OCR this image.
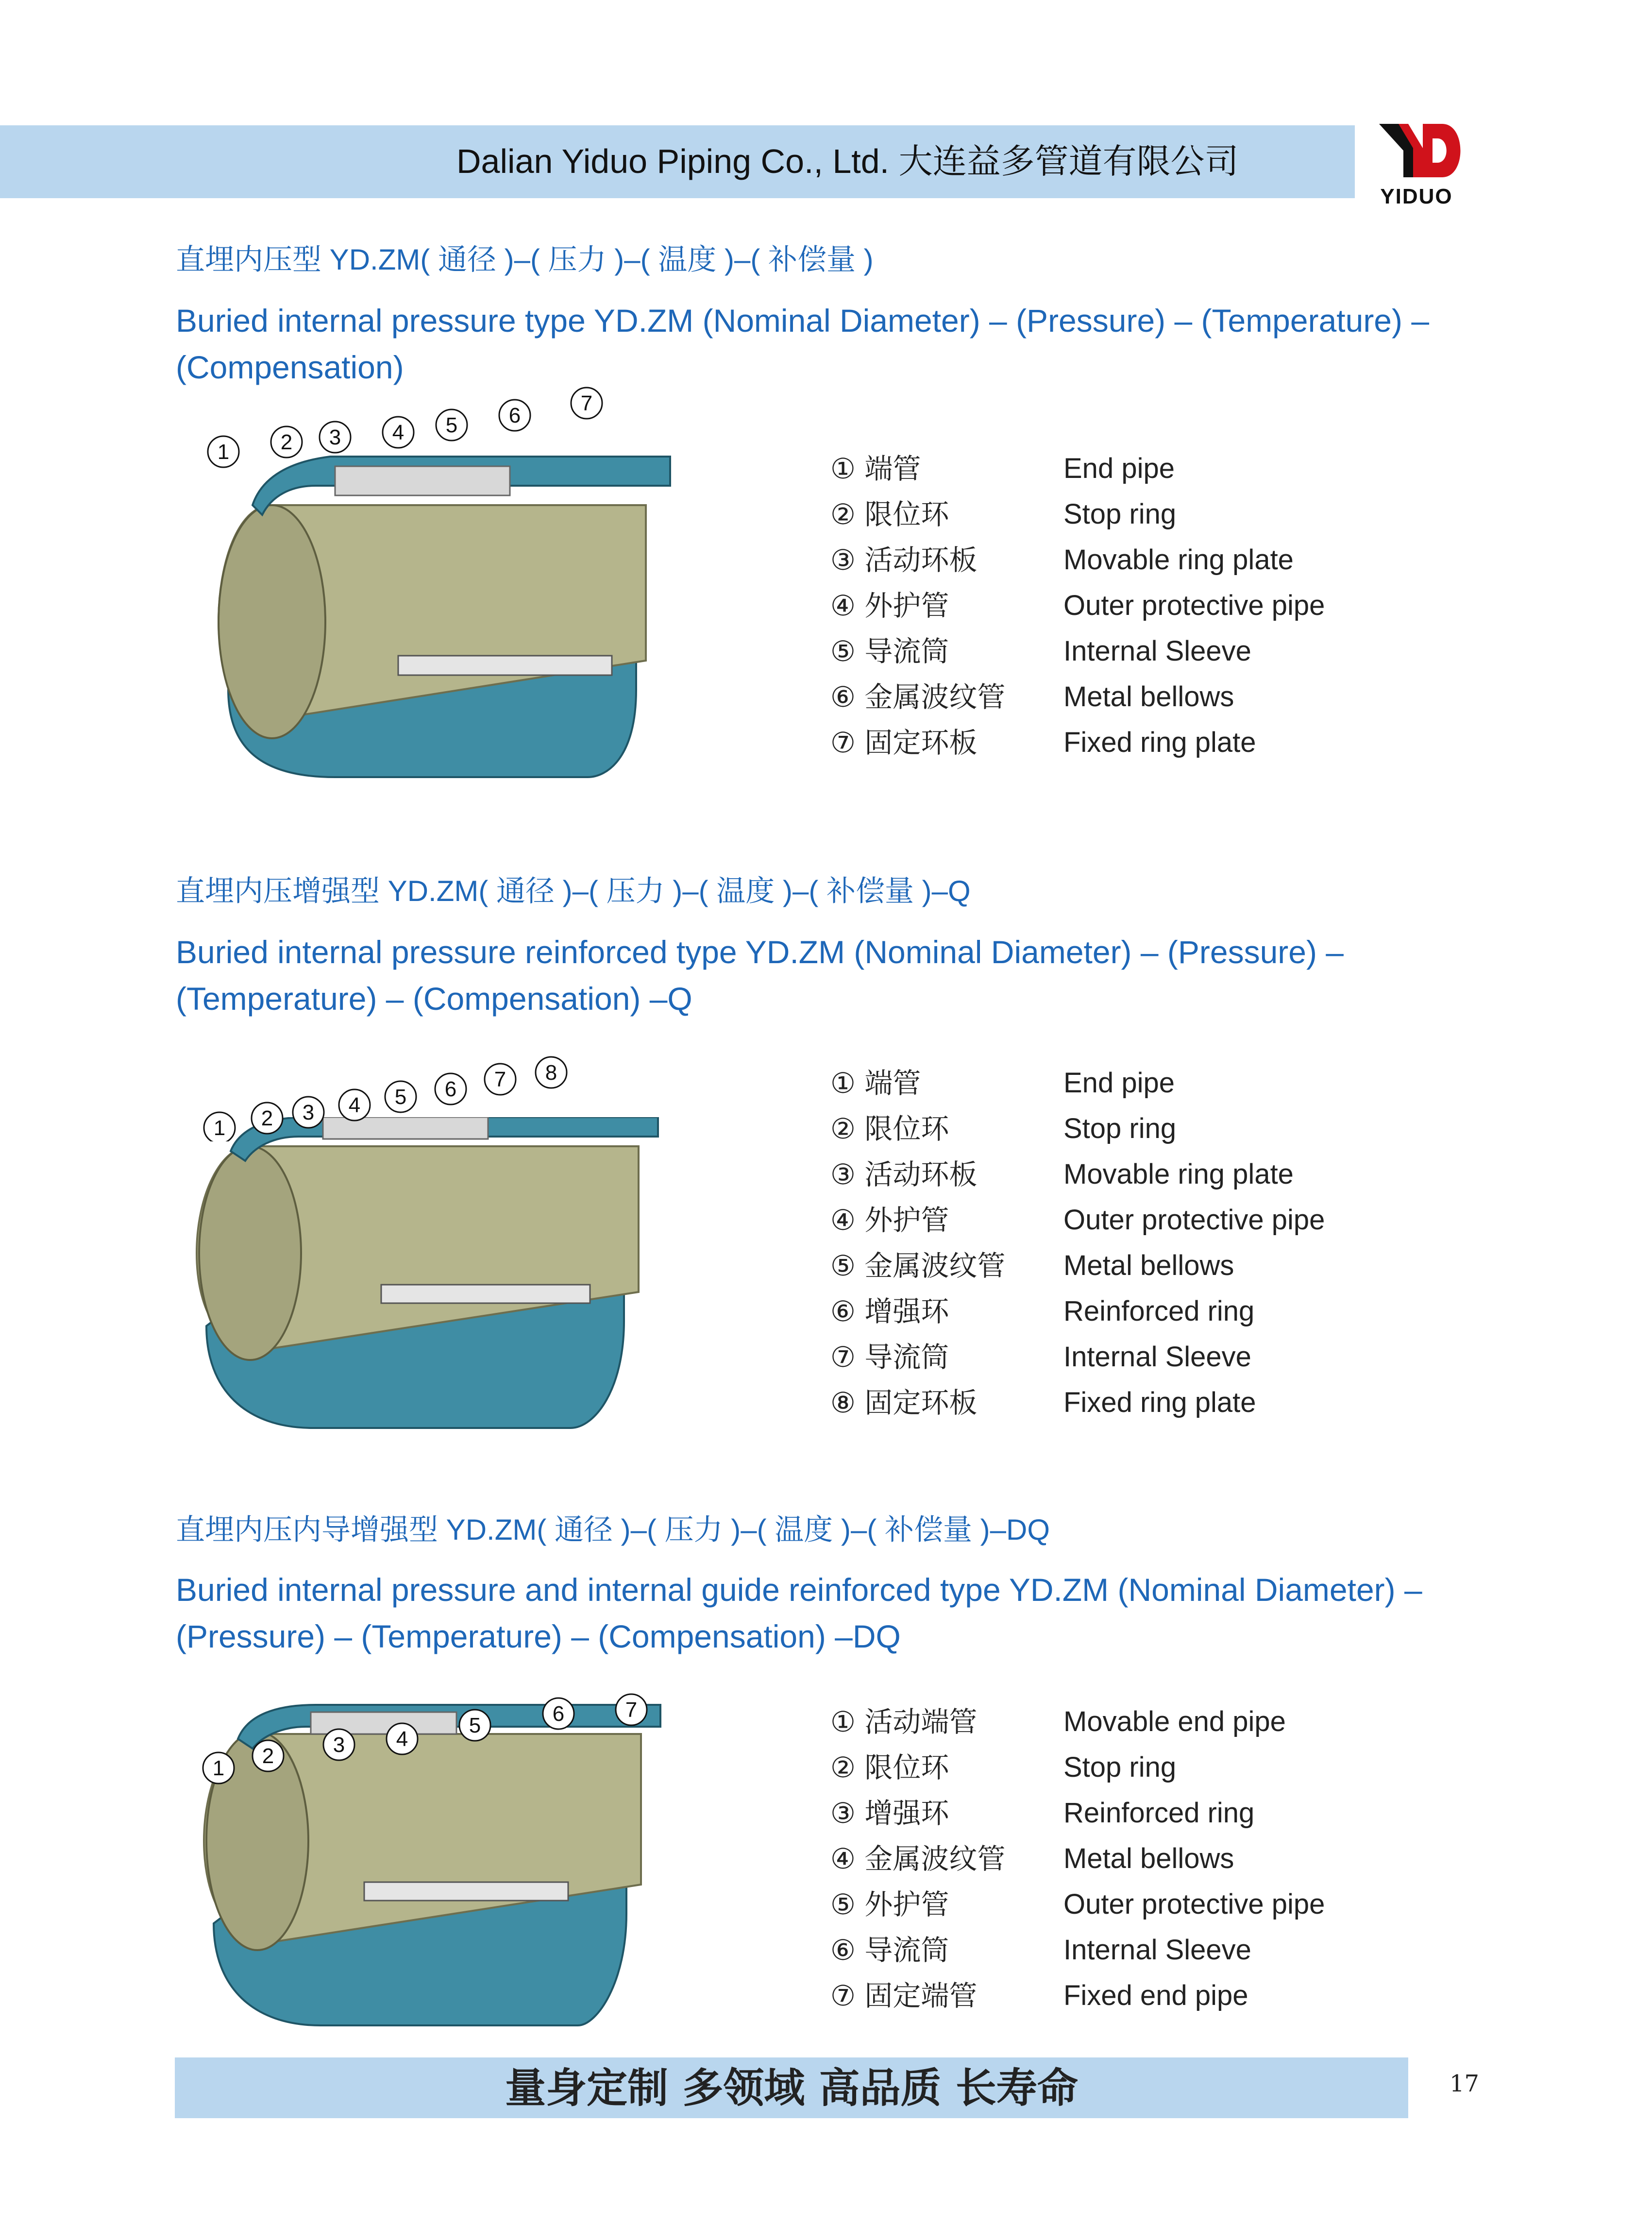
Dalian Yiduo Piping Co., Ltd. 大连益多管道有限公司
YIDUO
直埋内压型 YD.ZM( 通径 )–( 压力 )–( 温度 )–( 补偿量 )
Buried internal pressure type YD.ZM (Nominal Diameter) – (Pressure) – (Temperature) – (Compensation)
1 2 3 4 5 6
7
① 端管	End pipe
② 限位环	Stop ring
③ 活动环板	Movable ring plate
④ 外护管	Outer protective pipe
⑤ 导流筒	Internal Sleeve
⑥ 金属波纹管 Metal bellows
⑦ 固定环板	Fixed ring plate
直埋内压增强型 YD.ZM( 通径 )–( 压力 )–( 温度 )–( 补偿量 )–Q
Buried internal pressure reinforced type YD.ZM (Nominal Diameter) – (Pressure) – (Temperature) – (Compensation) –Q
1 2 3 4 5 6 7 8	① 端管	End pipe
② 限位环	Stop ring
③ 活动环板	Movable ring plate
④ 外护管	Outer protective pipe
⑤ 金属波纹管 Metal bellows
⑥ 增强环	Reinforced ring
⑦ 导流筒	Internal Sleeve
⑧ 固定环板	Fixed ring plate
直埋内压内导增强型 YD.ZM( 通径 )–( 压力 )–( 温度 )–( 补偿量 )–DQ
Buried internal pressure and internal guide reinforced type YD.ZM (Nominal Diameter) – (Pressure) – (Temperature) – (Compensation) –DQ
1
2	3 4
5	6	7	① 活动端管	Movable end pipe
② 限位环	Stop ring
③ 增强环	Reinforced ring
④ 金属波纹管 Metal bellows
⑤ 外护管	Outer protective pipe
⑥ 导流筒	Internal Sleeve
⑦ 固定端管	Fixed end pipe
量身定制 多领域 高品质 长寿命	17
